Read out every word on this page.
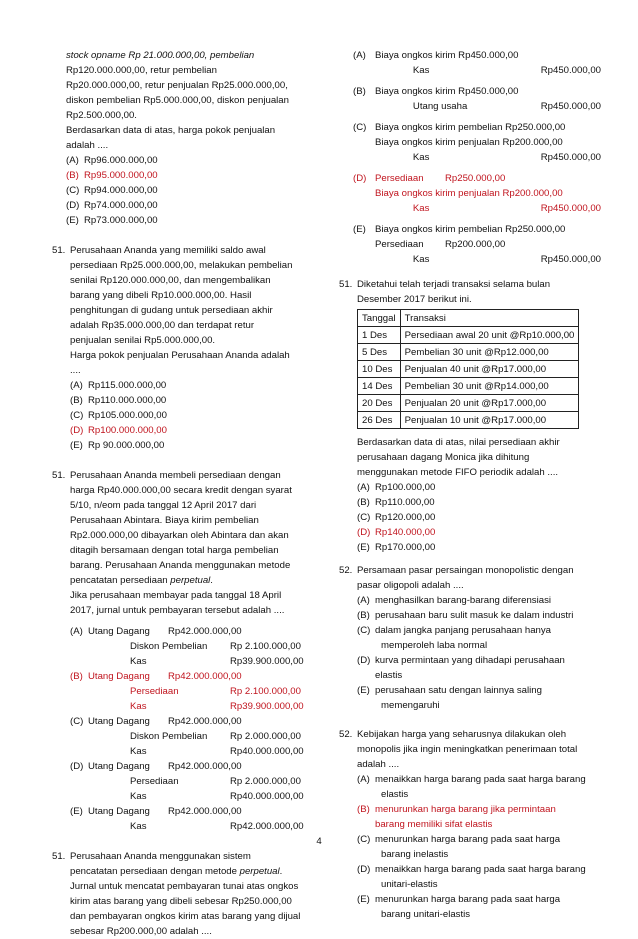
stock opname Rp 21.000.000,00, pembelian
Rp120.000.000,00, retur pembelian
Rp20.000.000,00, retur penjualan Rp25.000.000,00,
diskon pembelian Rp5.000.000,00, diskon penjualan
Rp2.500.000,00.
Berdasarkan data di atas, harga pokok penjualan
adalah ....
(A) Rp96.000.000,00
(B) Rp95.000.000,00
(C) Rp94.000.000,00
(D) Rp74.000.000,00
(E) Rp73.000.000,00
51. Perusahaan Ananda yang memiliki saldo awal
persediaan Rp25.000.000,00, melakukan pembelian
senilai Rp120.000.000,00, dan mengembalikan
barang yang dibeli Rp10.000.000,00. Hasil
penghitungan di gudang untuk persediaan akhir
adalah Rp35.000.000,00 dan terdapat retur
penjualan senilai Rp5.000.000,00.
Harga pokok penjualan Perusahaan Ananda adalah
....
(A) Rp115.000.000,00
(B) Rp110.000.000,00
(C) Rp105.000.000,00
(D) Rp100.000.000,00
(E) Rp 90.000.000,00
51. Perusahaan Ananda membeli persediaan dengan
harga Rp40.000.000,00 secara kredit dengan syarat
5/10, n/eom pada tanggal 12 April 2017 dari
Perusahaan Abintara. Biaya kirim pembelian
Rp2.000.000,00 dibayarkan oleh Abintara dan akan
ditagih bersamaan dengan total harga pembelian
barang. Perusahaan Ananda menggunakan metode
pencatatan persediaan perpetual.
Jika perusahaan membayar pada tanggal 18 April
2017, jurnal untuk pembayaran tersebut adalah ....
(A) Utang Dagang	Rp42.000.000,00
Diskon Pembelian	Rp 2.100.000,00
Kas	Rp39.900.000,00
(B) Utang Dagang	Rp42.000.000,00
Persediaan	Rp 2.100.000,00
Kas	Rp39.900.000,00
(C) Utang Dagang	Rp42.000.000,00
Diskon Pembelian	Rp 2.000.000,00
Kas	Rp40.000.000,00
(D) Utang Dagang	Rp42.000.000,00
Persediaan	Rp 2.000.000,00
Kas	Rp40.000.000,00
(E) Utang Dagang	Rp42.000.000,00
Kas	Rp42.000.000,00
51. Perusahaan Ananda menggunakan sistem
pencatatan persediaan dengan metode perpetual.
Jurnal untuk mencatat pembayaran tunai atas ongkos
kirim atas barang yang dibeli sebesar Rp250.000,00
dan pembayaran ongkos kirim atas barang yang dijual
sebesar Rp200.000,00 adalah ....
(A) Biaya ongkos kirim Rp450.000,00
Kas	Rp450.000,00
(B) Biaya ongkos kirim Rp450.000,00
Utang usaha	Rp450.000,00
(C) Biaya ongkos kirim pembelian Rp250.000,00
Biaya ongkos kirim penjualan Rp200.000,00
Kas	Rp450.000,00
(D) Persediaan	Rp250.000,00
Biaya ongkos kirim penjualan Rp200.000,00
Kas	Rp450.000,00
(E) Biaya ongkos kirim pembelian Rp250.000,00
Persediaan	Rp200.000,00
Kas	Rp450.000,00
51. Diketahui telah terjadi transaksi selama bulan
Desember 2017 berikut ini.
Tanggal	Transaksi
1 Des	Persediaan awal 20 unit @Rp10.000,00
5 Des	Pembelian 30 unit @Rp12.000,00
10 Des	Penjualan 40 unit @Rp17.000,00
14 Des	Pembelian 30 unit @Rp14.000,00
20 Des	Penjualan 20 unit @Rp17.000,00
26 Des	Penjualan 10 unit @Rp17.000,00
Berdasarkan data di atas, nilai persediaan akhir
perusahaan dagang Monica jika dihitung
menggunakan metode FIFO periodik adalah ....
(A) Rp100.000,00
(B) Rp110.000,00
(C) Rp120.000,00
(D) Rp140.000,00
(E) Rp170.000,00
52. Persamaan pasar persaingan monopolistic dengan
pasar oligopoli adalah ....
(A) menghasilkan barang-barang diferensiasi
(B) perusahaan baru sulit masuk ke dalam industri
(C) dalam jangka panjang perusahaan hanya
memperoleh laba normal
(D) kurva permintaan yang dihadapi perusahaan
elastis
(E) perusahaan satu dengan lainnya saling
memengaruhi
52. Kebijakan harga yang seharusnya dilakukan oleh
monopolis jika ingin meningkatkan penerimaan total
adalah ....
(A) menaikkan harga barang pada saat harga barang
elastis
(B) menurunkan harga barang jika permintaan
barang memiliki sifat elastis
(C) menurunkan harga barang pada saat harga
barang inelastis
(D) menaikkan harga barang pada saat harga barang
unitari-elastis
(E) menurunkan harga barang pada saat harga
barang unitari-elastis
4
